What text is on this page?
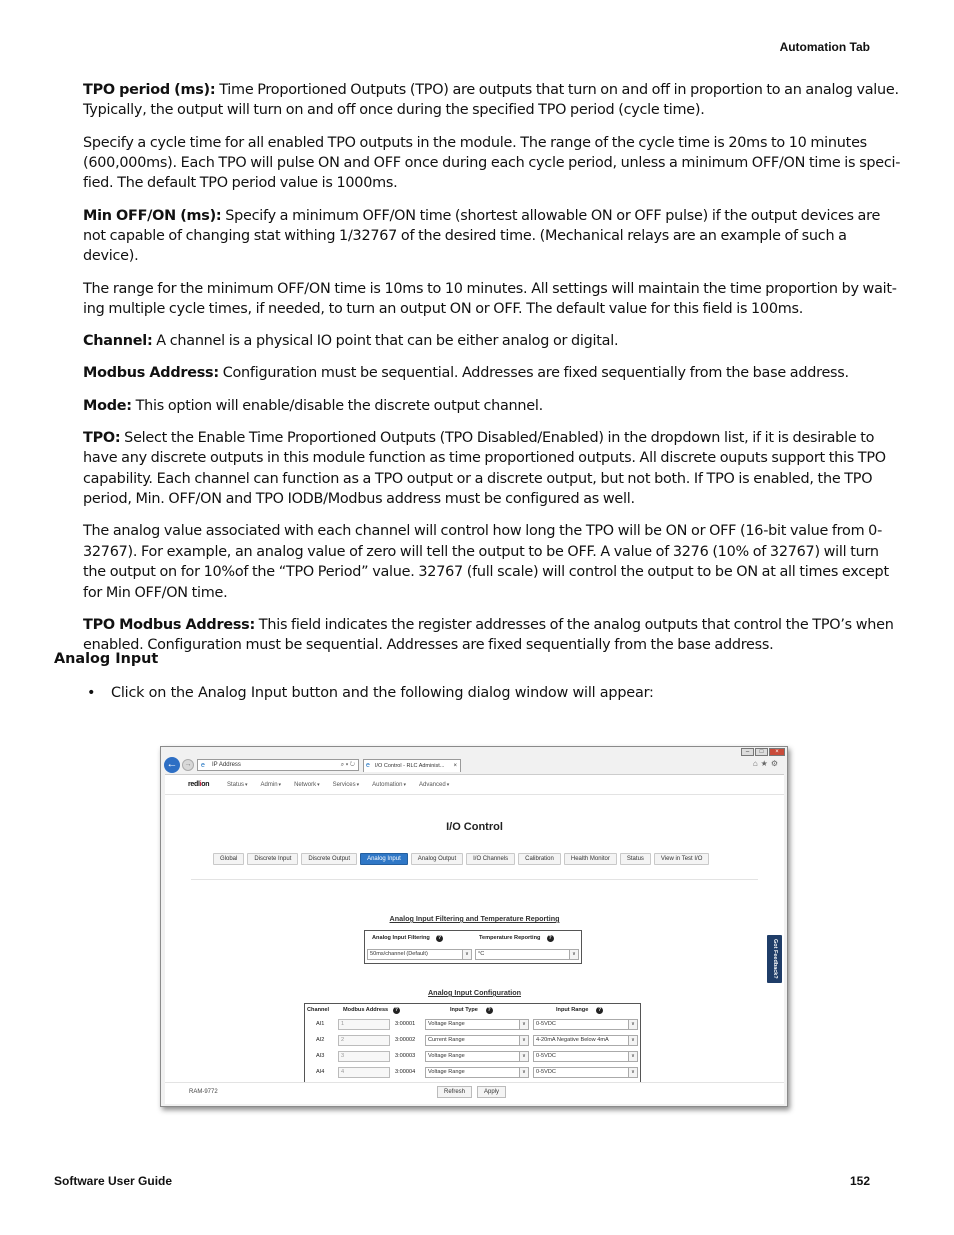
Automation Tab

TPO period (ms): Time Proportioned Outputs (TPO) are outputs that turn on and off in proportion to an analog value. Typically, the output will turn on and off once during the specified TPO period (cycle time).

Specify a cycle time for all enabled TPO outputs in the module. The range of the cycle time is 20ms to 10 minutes (600,000ms). Each TPO will pulse ON and OFF once during each cycle period, unless a minimum OFF/ON time is speci-fied. The default TPO period value is 1000ms.

Min OFF/ON (ms): Specify a minimum OFF/ON time (shortest allowable ON or OFF pulse) if the output devices are not capable of changing stat withing 1/32767 of the desired time. (Mechanical relays are an example of such a device).

The range for the minimum OFF/ON time is 10ms to 10 minutes. All settings will maintain the time proportion by wait-ing multiple cycle times, if needed, to turn an output ON or OFF. The default value for this field is 100ms.

Channel: A channel is a physical IO point that can be either analog or digital.

Modbus Address: Configuration must be sequential. Addresses are fixed sequentially from the base address.

Mode: This option will enable/disable the discrete output channel.

TPO: Select the Enable Time Proportioned Outputs (TPO Disabled/Enabled) in the dropdown list, if it is desirable to have any discrete outputs in this module function as time proportioned outputs. All discrete ouputs support this TPO capability. Each channel can function as a TPO output or a discrete output, but not both. If TPO is enabled, the TPO period, Min. OFF/ON and TPO IODB/Modbus address must be configured as well.

The analog value associated with each channel will control how long the TPO will be ON or OFF (16-bit value from 0-32767). For example, an analog value of zero will tell the output to be OFF. A value of 3276 (10% of 32767) will turn the output on for 10%of the “TPO Period” value. 32767 (full scale) will control the output to be ON at all times except for Min OFF/ON time.

TPO Modbus Address: This field indicates the register addresses of the analog outputs that control the TPO’s when enabled. Configuration must be sequential. Addresses are fixed sequentially from the base address.

Analog Input
• Click on the Analog Input button and the following dialog window will appear:
–	□	×
←	→	e IP Address	⌕ ▾ ↻ e I/O Control - RLC Administ... ×	⌂★⚙
redlion	Status ▾	Admin ▾	Network ▾	Services ▾	Automation ▾	Advanced ▾
I/O Control
Global	Discrete Input	Discrete Output	Analog Input	Analog Output	I/O Channels	Calibration	Health Monitor	Status	View in Test I/O
Analog Input Filtering and Temperature Reporting
Analog Input Filtering ?	Temperature Reporting ?
50ms/channel (Default)	∨	°C	∨
Analog Input Configuration
Channel Modbus Address ?	Input Type ?	Input Range ?
AI1	1	3:00001	Voltage Range	∨	0-5VDC	∨
AI2	2	3:00002	Current Range	∨	4-20mA Negative Below 4mA	∨
AI3	3	3:00003	Voltage Range	∨	0-5VDC	∨
AI4	4	3:00004	Voltage Range	∨	0-5VDC	∨
RAM-9772	Refresh	Apply
Got Feedback?
Software User Guide	152
